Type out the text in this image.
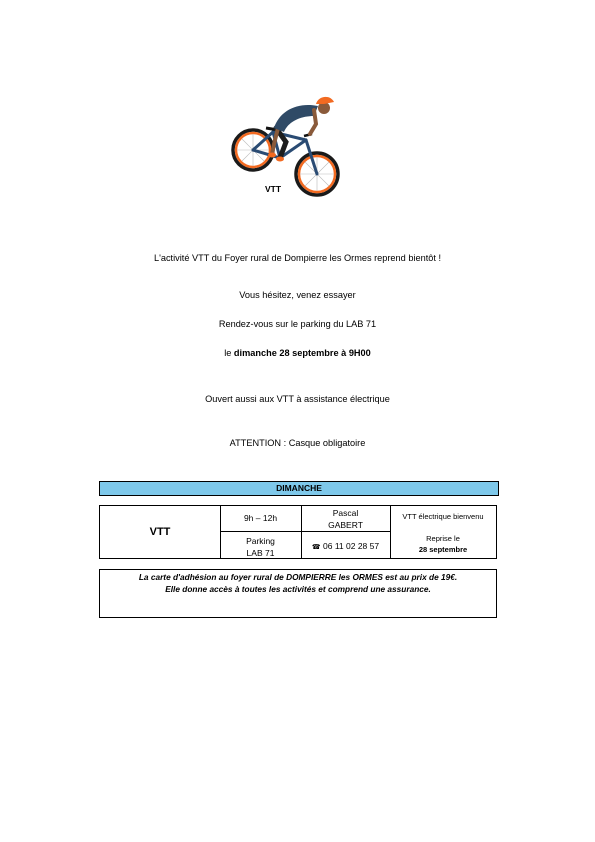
VTT
L'activité VTT du Foyer rural de Dompierre les Ormes reprend bientôt !
Vous hésitez, venez essayer
Rendez-vous sur le parking du LAB 71
le dimanche 28 septembre à 9H00
Ouvert aussi aux VTT à assistance électrique
ATTENTION : Casque obligatoire
DIMANCHE
VTT
9h – 12h
Parking
LAB 71
Pascal
GABERT
☎ 06 11 02 28 57
VTT électrique bienvenu
Reprise le
28 septembre
La carte d'adhésion au foyer rural de DOMPIERRE les ORMES est au prix de 19€.
Elle donne accès à toutes les activités et comprend une assurance.
